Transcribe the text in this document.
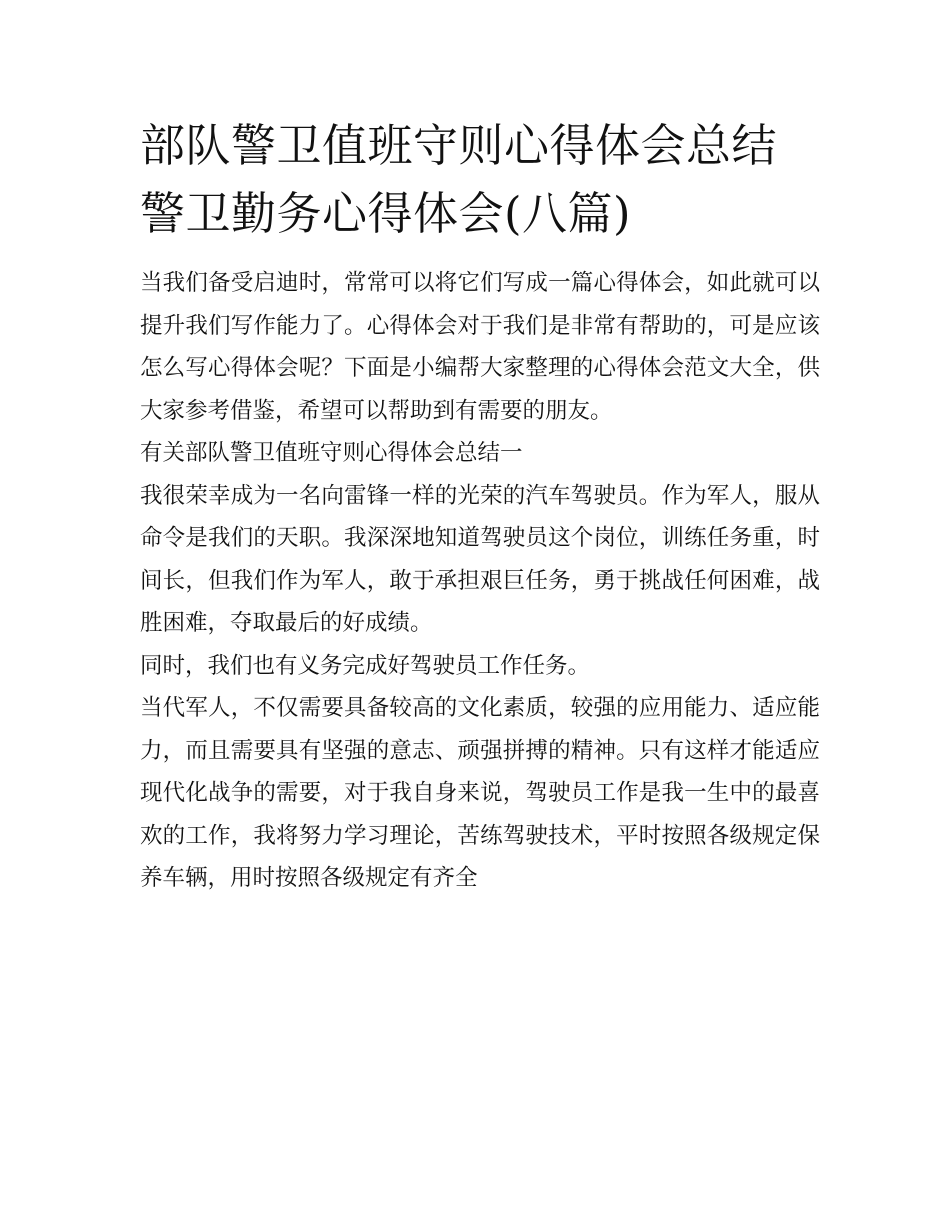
部队警卫值班守则心得体会总结 警卫勤务心得体会(八篇)

当我们备受启迪时，常常可以将它们写成一篇心得体会，如此就可以提升我们写作能力了。心得体会对于我们是非常有帮助的，可是应该怎么写心得体会呢？下面是小编帮大家整理的心得体会范文大全，供大家参考借鉴，希望可以帮助到有需要的朋友。

有关部队警卫值班守则心得体会总结一

我很荣幸成为一名向雷锋一样的光荣的汽车驾驶员。作为军人，服从命令是我们的天职。我深深地知道驾驶员这个岗位，训练任务重，时间长，但我们作为军人，敢于承担艰巨任务，勇于挑战任何困难，战胜困难，夺取最后的好成绩。

同时，我们也有义务完成好驾驶员工作任务。

当代军人，不仅需要具备较高的文化素质，较强的应用能力、适应能力，而且需要具有坚强的意志、顽强拼搏的精神。只有这样才能适应现代化战争的需要，对于我自身来说，驾驶员工作是我一生中的最喜欢的工作，我将努力学习理论，苦练驾驶技术，平时按照各级规定保养车辆，用时按照各级规定有齐全
